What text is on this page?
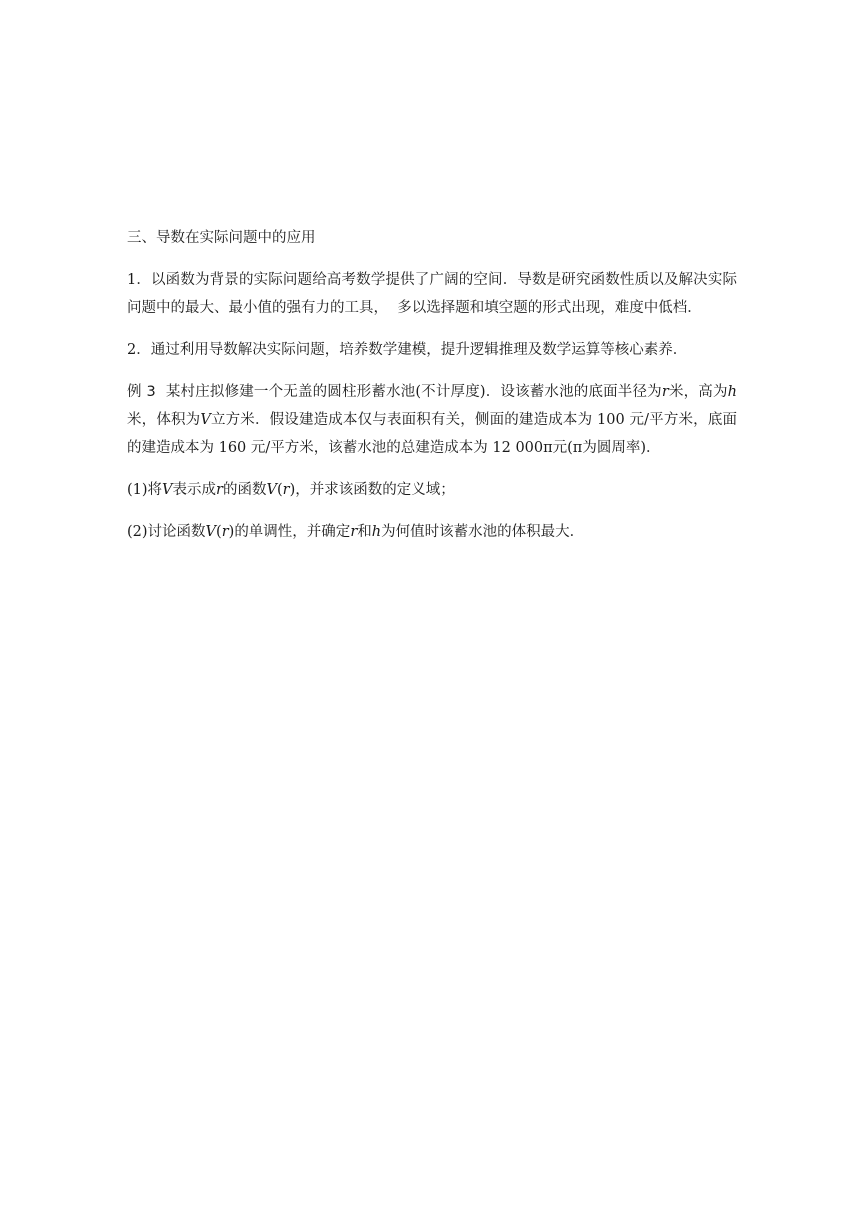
三、导数在实际问题中的应用

1．以函数为背景的实际问题给高考数学提供了广阔的空间．导数是研究函数性质以及解决实际问题中的最大、最小值的强有力的工具， 多以选择题和填空题的形式出现，难度中低档．

2．通过利用导数解决实际问题，培养数学建模，提升逻辑推理及数学运算等核心素养．

例 3 某村庄拟修建一个无盖的圆柱形蓄水池(不计厚度)．设该蓄水池的底面半径为r米，高为h米，体积为V立方米．假设建造成本仅与表面积有关，侧面的建造成本为 100 元/平方米，底面的建造成本为 160 元/平方米，该蓄水池的总建造成本为 12 000π元(π为圆周率)．

(1)将V表示成r的函数V(r)，并求该函数的定义域；

(2)讨论函数V(r)的单调性，并确定r和h为何值时该蓄水池的体积最大．
